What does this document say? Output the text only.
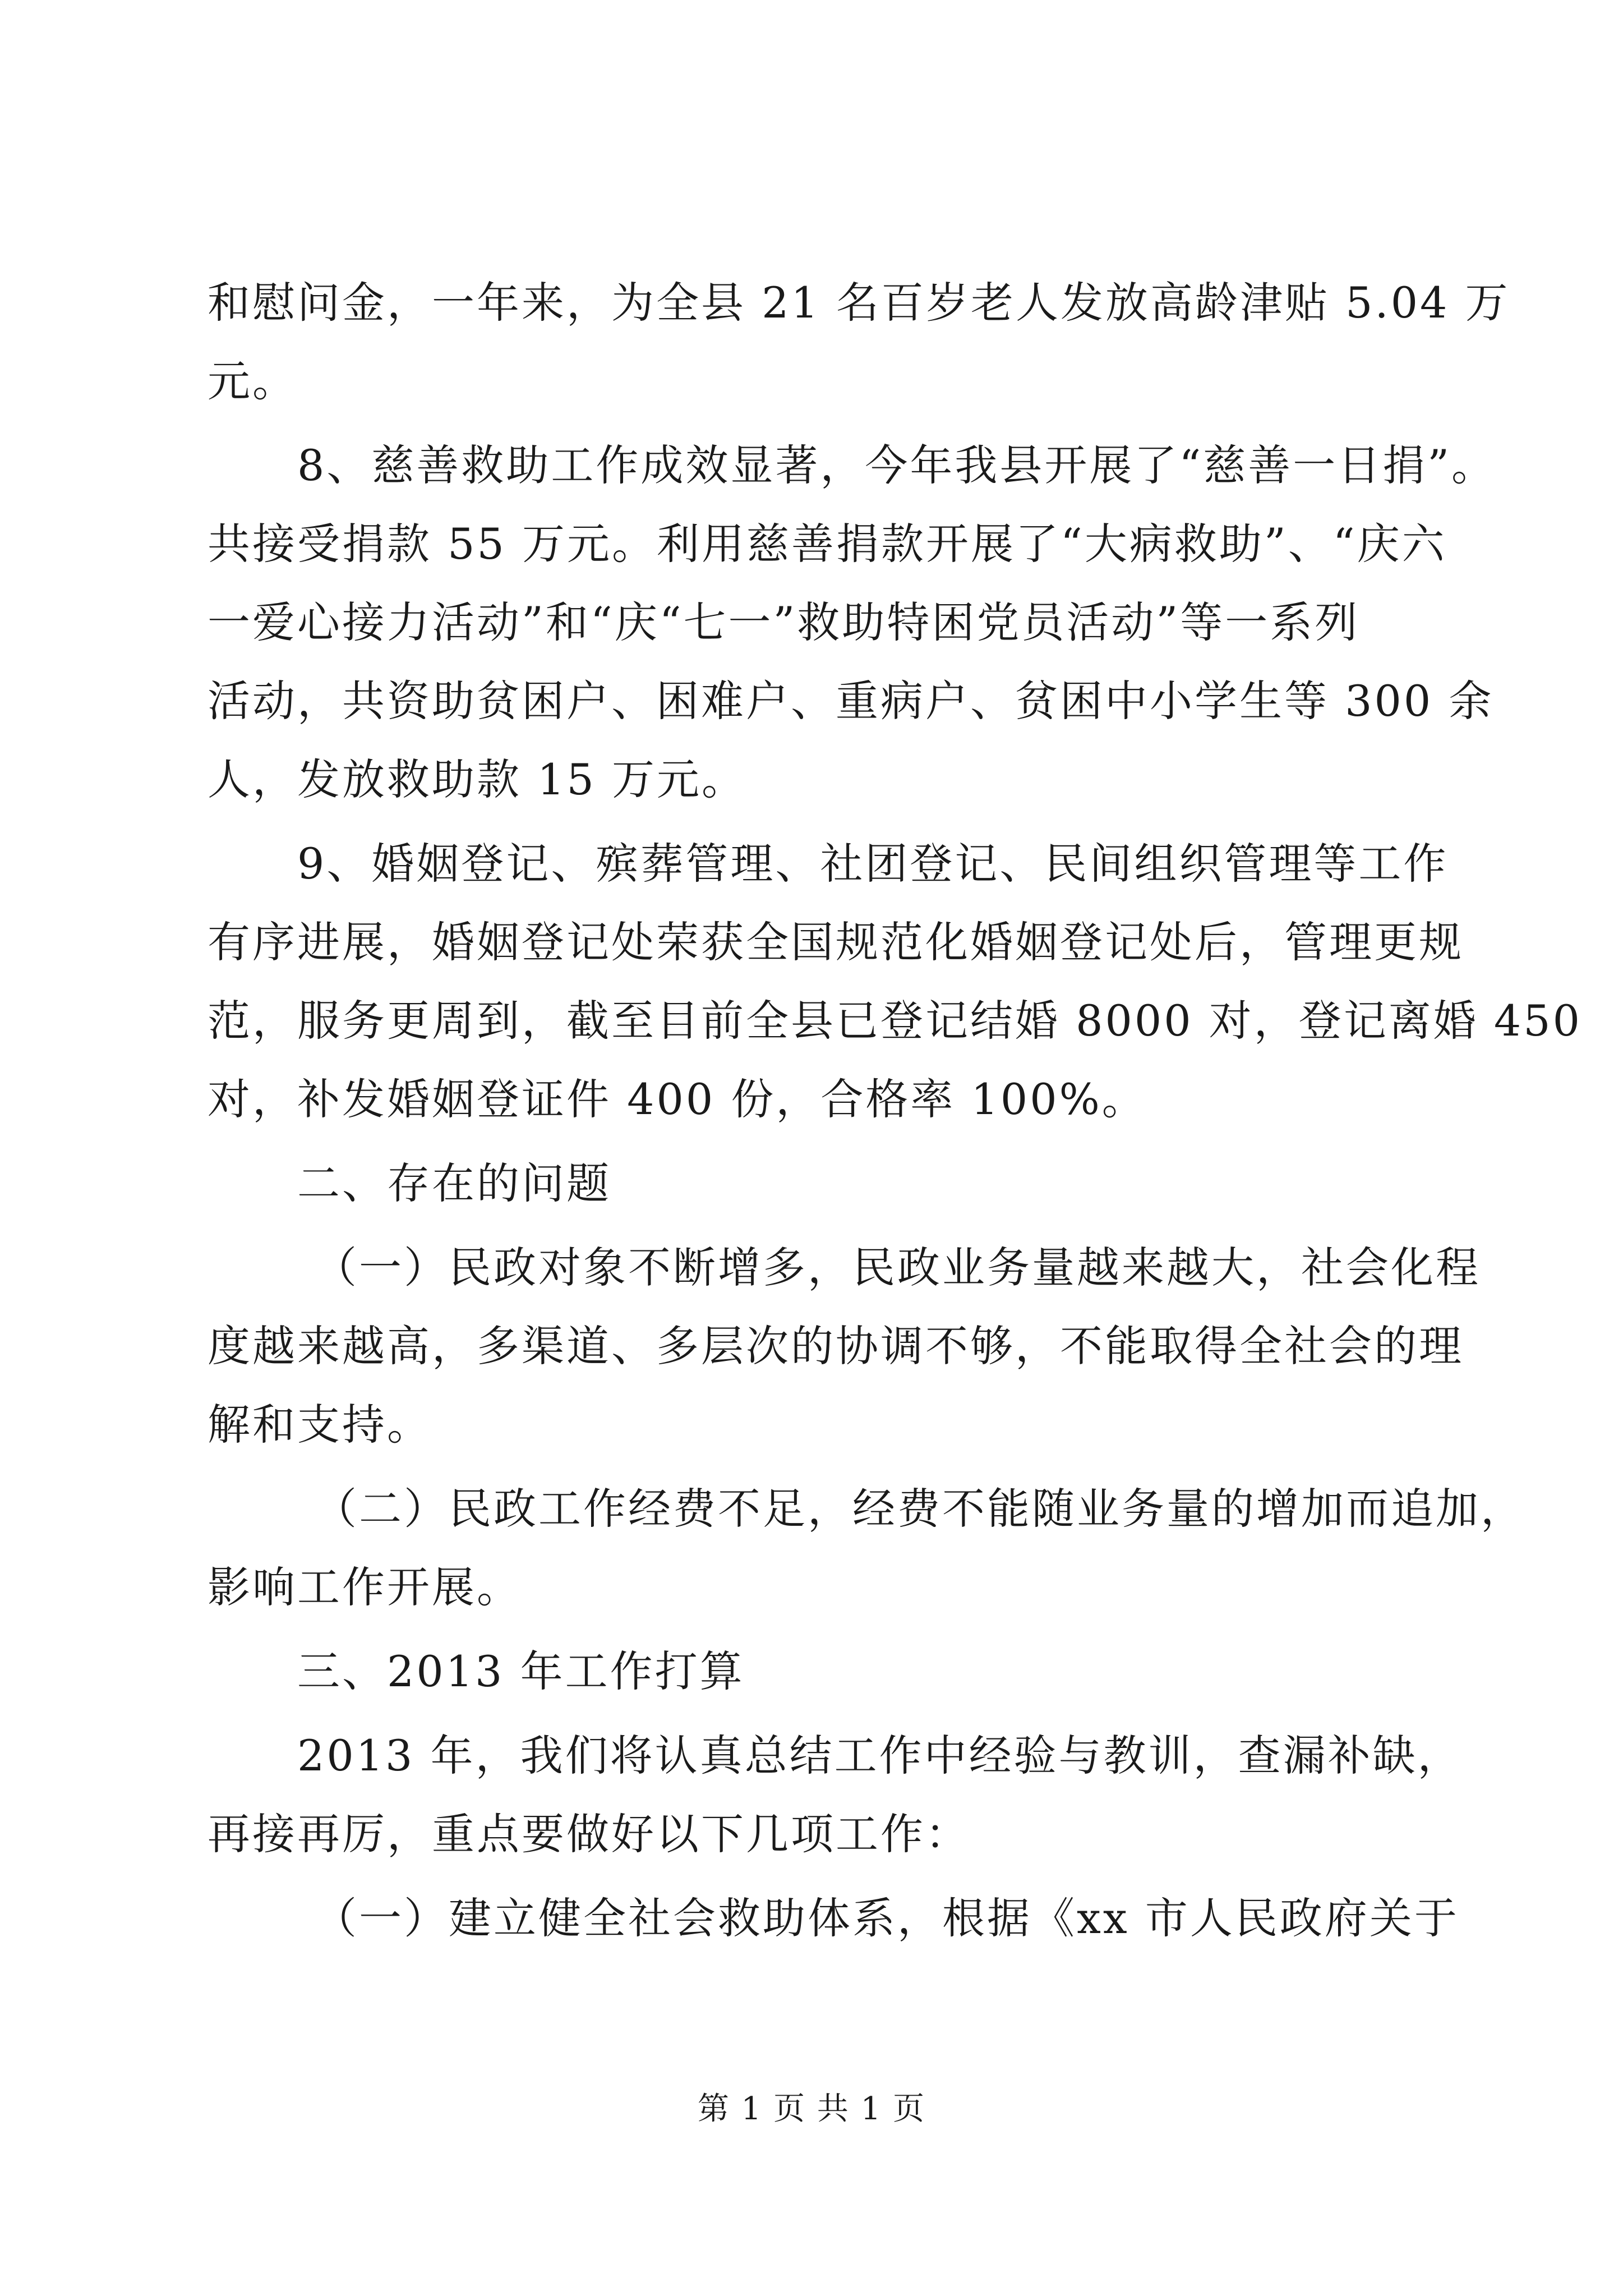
和慰问金，一年来，为全县 21 名百岁老人发放高龄津贴 5.04 万
元。
8、慈善救助工作成效显著，今年我县开展了“慈善一日捐”。
共接受捐款 55 万元。利用慈善捐款开展了“大病救助”、“庆六
一爱心接力活动”和“庆“七一”救助特困党员活动”等一系列
活动，共资助贫困户、困难户、重病户、贫困中小学生等 300 余
人，发放救助款 15 万元。
9、婚姻登记、殡葬管理、社团登记、民间组织管理等工作
有序进展，婚姻登记处荣获全国规范化婚姻登记处后，管理更规
范，服务更周到，截至目前全县已登记结婚 8000 对，登记离婚 450
对，补发婚姻登证件 400 份，合格率 100%。
二、存在的问题
（一）民政对象不断增多，民政业务量越来越大，社会化程
度越来越高，多渠道、多层次的协调不够，不能取得全社会的理
解和支持。
（二）民政工作经费不足，经费不能随业务量的增加而追加，
影响工作开展。
三、2013 年工作打算
2013 年，我们将认真总结工作中经验与教训，查漏补缺，
再接再厉，重点要做好以下几项工作：
（一）建立健全社会救助体系，根据《xx 市人民政府关于
第 1 页 共 1 页
